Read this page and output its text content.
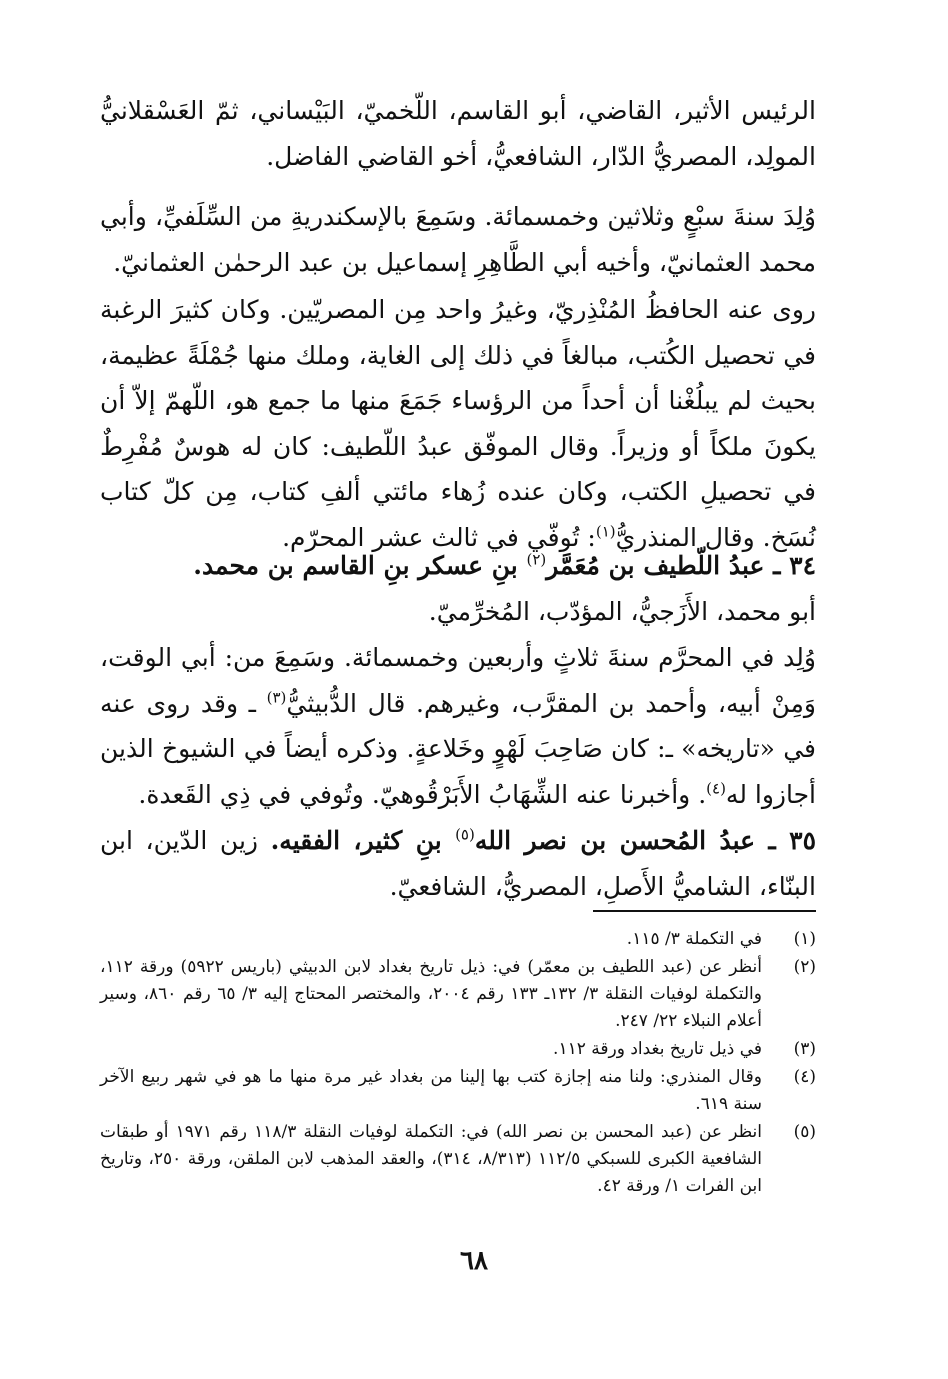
الرئيس الأثير، القاضي، أبو القاسم، اللّخميّ، البَيْساني، ثمّ العَسْقلانيُّ المولِد، المصريُّ الدّار، الشافعيُّ، أخو القاضي الفاضل.
وُلِدَ سنةَ سبْعٍ وثلاثين وخمسمائة. وسَمِعَ بالإسكندريةِ من السِّلَفيِّ، وأبي محمد العثمانيّ، وأخيه أبي الطَّاهِرِ إسماعيل بن عبد الرحمٰن العثمانيّ.
روى عنه الحافظُ المُنْذِريّ، وغيرُ واحد مِن المصريّين. وكان كثيرَ الرغبة في تحصيل الكُتب، مبالغاً في ذلك إلى الغاية، وملك منها جُمْلَةً عظيمة، بحيث لم يبلُغْنا أن أحداً من الرؤساء جَمَعَ منها ما جمع هو، اللّهمّ إلاّ أن يكونَ ملكاً أو وزيراً. وقال الموفّق عبدُ اللّطيف: كان له هوسٌ مُفْرِطٌ في تحصيلِ الكتب، وكان عنده زُهاء مائتي ألفِ كتاب، مِن كلّ كتاب نُسَخ. وقال المنذريُّ$^{(١)}$: تُوفّي في ثالث عشر المحرّم.
٣٤ ـ عبدُ اللّطيف بن مُعَمَّر$^{(٢)}$ بنِ عسكر بنِ القاسم بن محمد.
أبو محمد، الأَزَجيُّ، المؤدّب، المُخرِّميّ.
وُلِد في المحرَّم سنةَ ثلاثٍ وأربعين وخمسمائة. وسَمِعَ من: أبي الوقت، وَمِنْ أبيه، وأحمد بن المقرَّب، وغيرهم. قال الدُّبيثيُّ$^{(٣)}$ ـ وقد روى عنه في «تاريخه» ـ: كان صَاحِبَ لَهْوٍ وخَلاعةٍ. وذكره أيضاً في الشيوخ الذين أجازوا له$^{(٤)}$. وأخبرنا عنه الشِّهَابُ الأَبَرْقُوهيّ. وتُوفي في ذِي القَعدة.
٣٥ ـ عبدُ المُحسن بن نصر الله$^{(٥)}$ بنِ كثير، الفقيه. زين الدّين، ابن البنّاء، الشاميُّ الأَصلِ، المصريُّ، الشافعيّ.
(١)
في التكملة ٣/ ١١٥.
(٢)
أنظر عن (عبد اللطيف بن معمّر) في: ذيل تاريخ بغداد لابن الدبيثي (باريس ٥٩٢٢) ورقة ١١٢، والتكملة لوفيات النقلة ٣/ ١٣٢ـ ١٣٣ رقم ٢٠٠٤، والمختصر المحتاج إليه ٣/ ٦٥ رقم ٨٦٠، وسير أعلام النبلاء ٢٢/ ٢٤٧.
(٣)
في ذيل تاريخ بغداد ورقة ١١٢.
(٤)
وقال المنذري: ولنا منه إجازة كتب بها إلينا من بغداد غير مرة منها ما هو في شهر ربيع الآخر سنة ٦١٩.
(٥)
انظر عن (عبد المحسن بن نصر الله) في: التكملة لوفيات النقلة ١١٨/٣ رقم ١٩٧١ أو طبقات الشافعية الكبرى للسبكي ١١٢/٥ (٨/٣١٣، ٣١٤)، والعقد المذهب لابن الملقن، ورقة ٢٥٠، وتاريخ ابن الفرات ١/ ورقة ٤٢.
٦٨
